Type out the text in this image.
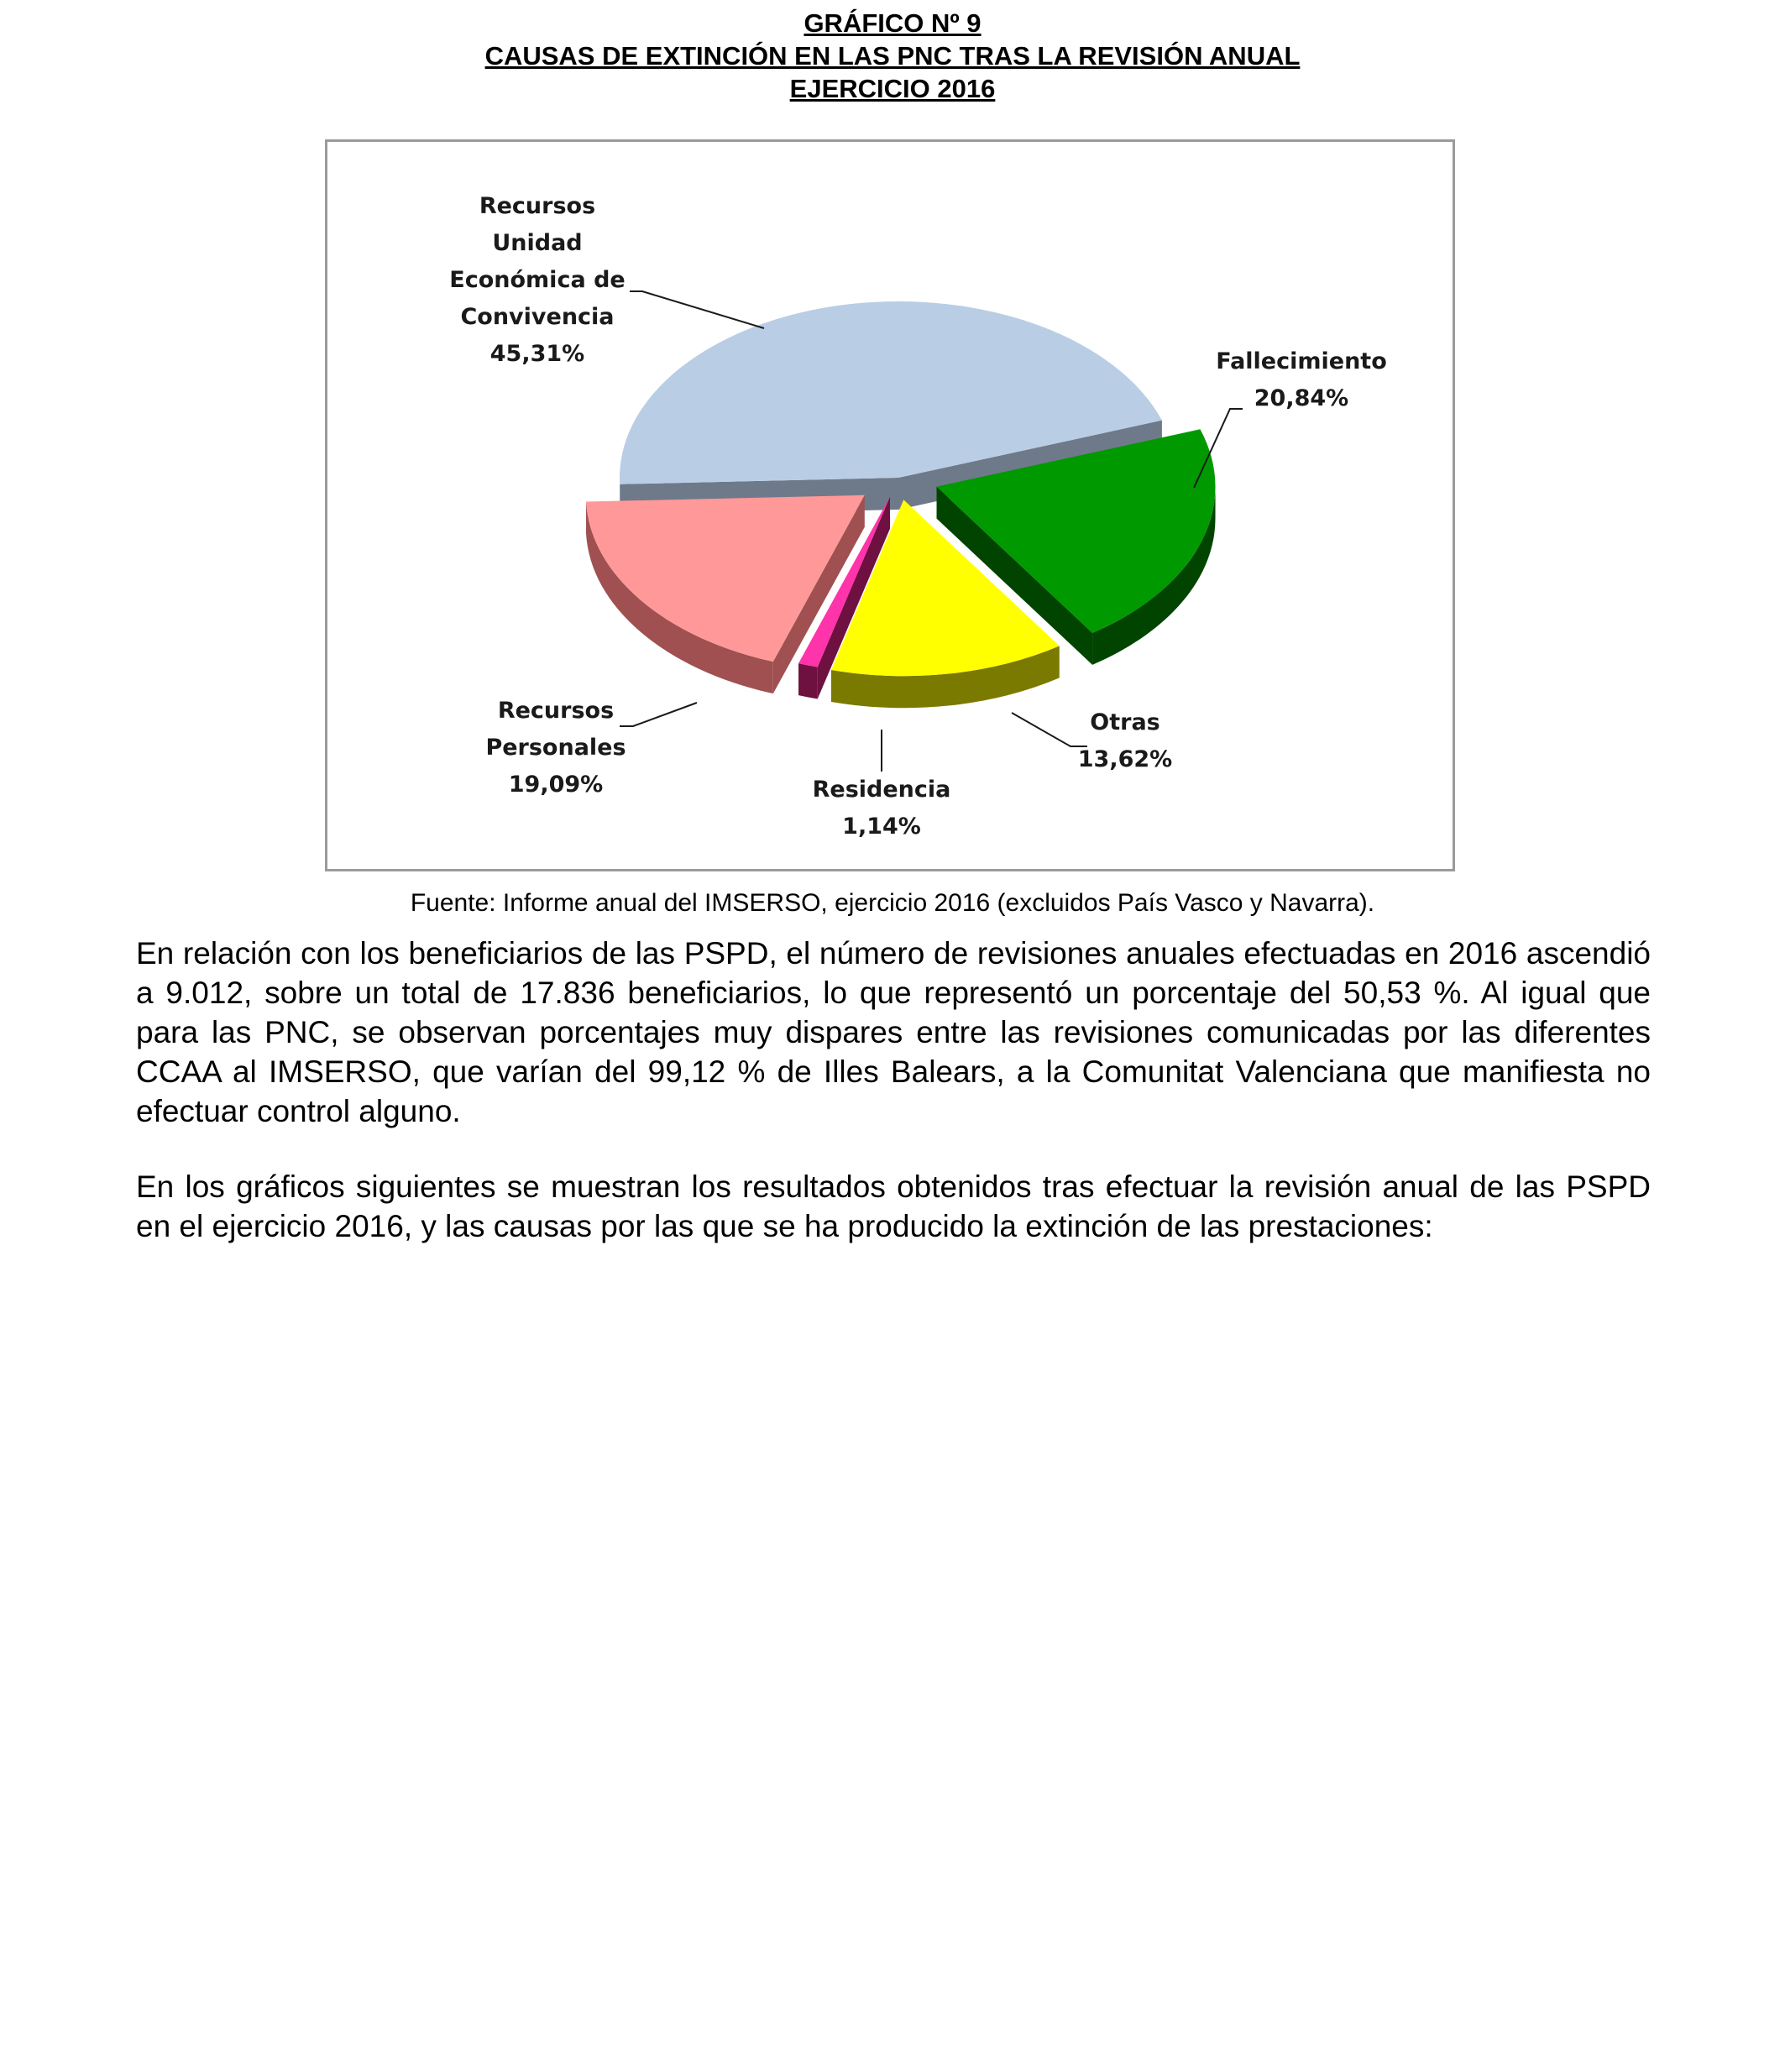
GRÁFICO Nº 9
CAUSAS DE EXTINCIÓN EN LAS PNC TRAS LA REVISIÓN ANUAL
EJERCICIO 2016
Recursos
Unidad
Económica de
Convivencia
45,31%	Fallecimiento
20,84%
Otras
13,62%
Residencia
1,14%
Recursos
Personales
19,09%
Fuente: Informe anual del IMSERSO, ejercicio 2016 (excluidos País Vasco y Navarra).

En relación con los beneficiarios de las PSPD, el número de revisiones anuales efectuadas en 2016 ascendió a 9.012, sobre un total de 17.836 beneficiarios, lo que representó un porcentaje del 50,53 %. Al igual que para las PNC, se observan porcentajes muy dispares entre las revisiones comunicadas por las diferentes CCAA al IMSERSO, que varían del 99,12 % de Illes Balears, a la Comunitat Valenciana que manifiesta no efectuar control alguno.

En los gráficos siguientes se muestran los resultados obtenidos tras efectuar la revisión anual de las PSPD en el ejercicio 2016, y las causas por las que se ha producido la extinción de las prestaciones:
